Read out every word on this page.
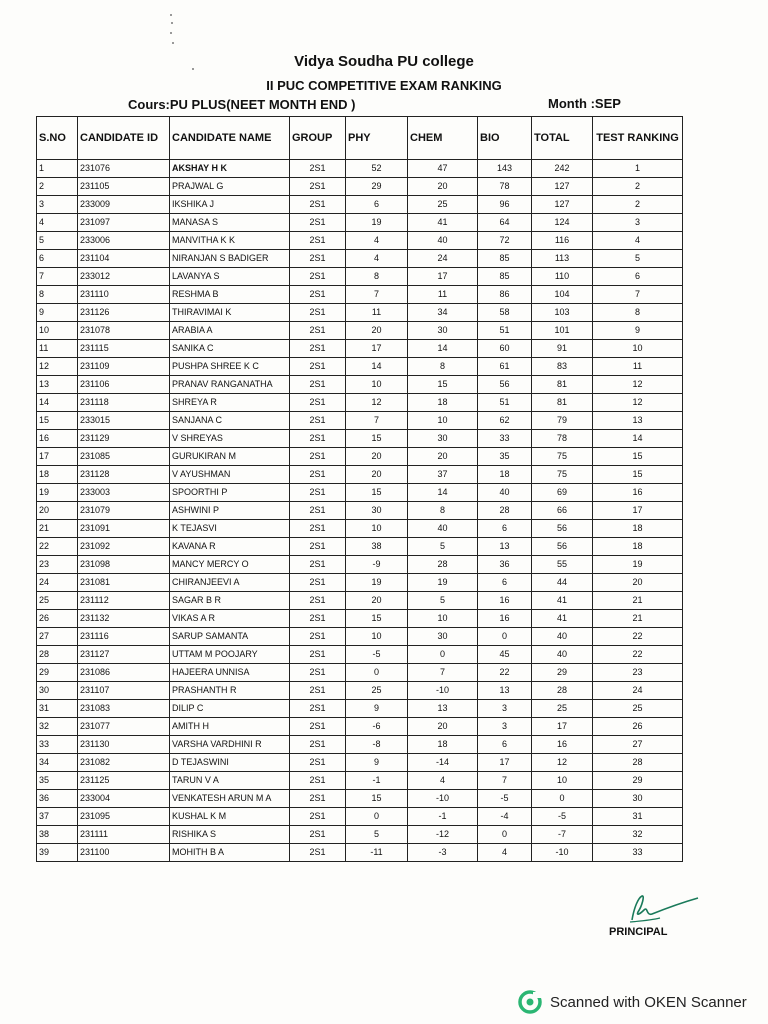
Vidya Soudha PU college
II PUC COMPETITIVE EXAM RANKING
Cours:PU PLUS(NEET MONTH END )	Month :SEP
S.NO	CANDIDATE ID	CANDIDATE NAME	GROUP	PHY	CHEM	BIO	TOTAL	TEST RANKING
1	231076	AKSHAY H K	2S1	52	47	143	242	1
2	231105	PRAJWAL G	2S1	29	20	78	127	2
3	233009	IKSHIKA J	2S1	6	25	96	127	2
4	231097	MANASA S	2S1	19	41	64	124	3
5	233006	MANVITHA K K	2S1	4	40	72	116	4
6	231104	NIRANJAN S BADIGER	2S1	4	24	85	113	5
7	233012	LAVANYA S	2S1	8	17	85	110	6
8	231110	RESHMA B	2S1	7	11	86	104	7
9	231126	THIRAVIMAI K	2S1	11	34	58	103	8
10	231078	ARABIA A	2S1	20	30	51	101	9
11	231115	SANIKA C	2S1	17	14	60	91	10
12	231109	PUSHPA SHREE K C	2S1	14	8	61	83	11
13	231106	PRANAV RANGANATHA	2S1	10	15	56	81	12
14	231118	SHREYA R	2S1	12	18	51	81	12
15	233015	SANJANA C	2S1	7	10	62	79	13
16	231129	V SHREYAS	2S1	15	30	33	78	14
17	231085	GURUKIRAN M	2S1	20	20	35	75	15
18	231128	V AYUSHMAN	2S1	20	37	18	75	15
19	233003	SPOORTHI P	2S1	15	14	40	69	16
20	231079	ASHWINI P	2S1	30	8	28	66	17
21	231091	K TEJASVI	2S1	10	40	6	56	18
22	231092	KAVANA R	2S1	38	5	13	56	18
23	231098	MANCY MERCY O	2S1	-9	28	36	55	19
24	231081	CHIRANJEEVI A	2S1	19	19	6	44	20
25	231112	SAGAR B R	2S1	20	5	16	41	21
26	231132	VIKAS A R	2S1	15	10	16	41	21
27	231116	SARUP SAMANTA	2S1	10	30	0	40	22
28	231127	UTTAM M POOJARY	2S1	-5	0	45	40	22
29	231086	HAJEERA UNNISA	2S1	0	7	22	29	23
30	231107	PRASHANTH R	2S1	25	-10	13	28	24
31	231083	DILIP C	2S1	9	13	3	25	25
32	231077	AMITH H	2S1	-6	20	3	17	26
33	231130	VARSHA VARDHINI R	2S1	-8	18	6	16	27
34	231082	D TEJASWINI	2S1	9	-14	17	12	28
35	231125	TARUN V A	2S1	-1	4	7	10	29
36	233004	VENKATESH ARUN M A	2S1	15	-10	-5	0	30
37	231095	KUSHAL K M	2S1	0	-1	-4	-5	31
38	231111	RISHIKA S	2S1	5	-12	0	-7	32
39	231100	MOHITH B A	2S1	-11	-3	4	-10	33
PRINCIPAL
Scanned with OKEN Scanner
